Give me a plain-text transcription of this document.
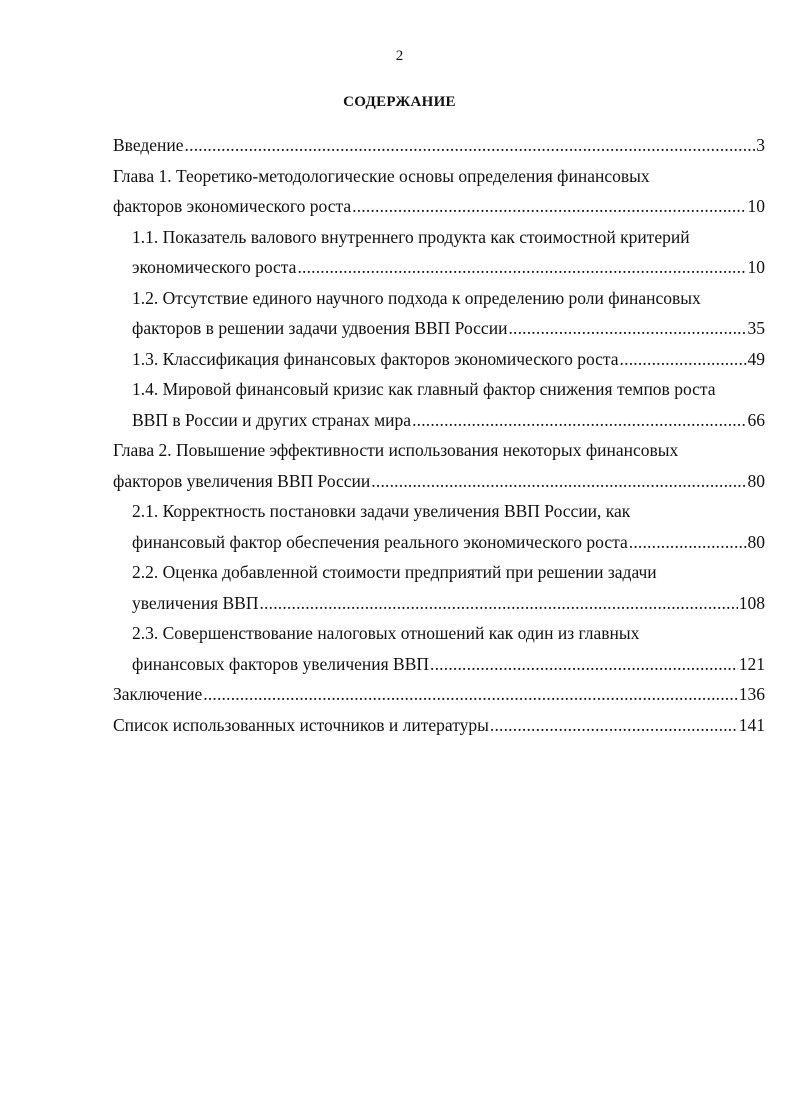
2
СОДЕРЖАНИЕ
Введение .....	3
Глава 1. Теоретико-методологические основы определения финансовых
факторов экономического роста .....	10
1.1. Показатель валового внутреннего продукта как стоимостной критерий
экономического роста .....	10
1.2. Отсутствие единого научного подхода к определению роли финансовых
факторов в решении задачи удвоения ВВП России .....	35
1.3. Классификация финансовых факторов экономического роста .....	49
1.4. Мировой финансовый кризис как главный фактор снижения темпов роста
ВВП в России и других странах мира .....	66
Глава 2. Повышение эффективности использования некоторых финансовых
факторов увеличения ВВП России .....	80
2.1. Корректность постановки задачи увеличения ВВП России, как
финансовый фактор обеспечения реального экономического роста .....	80
2.2. Оценка добавленной стоимости предприятий при решении задачи
увеличения ВВП .....	108
2.3. Совершенствование налоговых отношений как один из главных
финансовых факторов увеличения ВВП .....	121
Заключение .....	136
Список использованных источников и литературы .....	141
